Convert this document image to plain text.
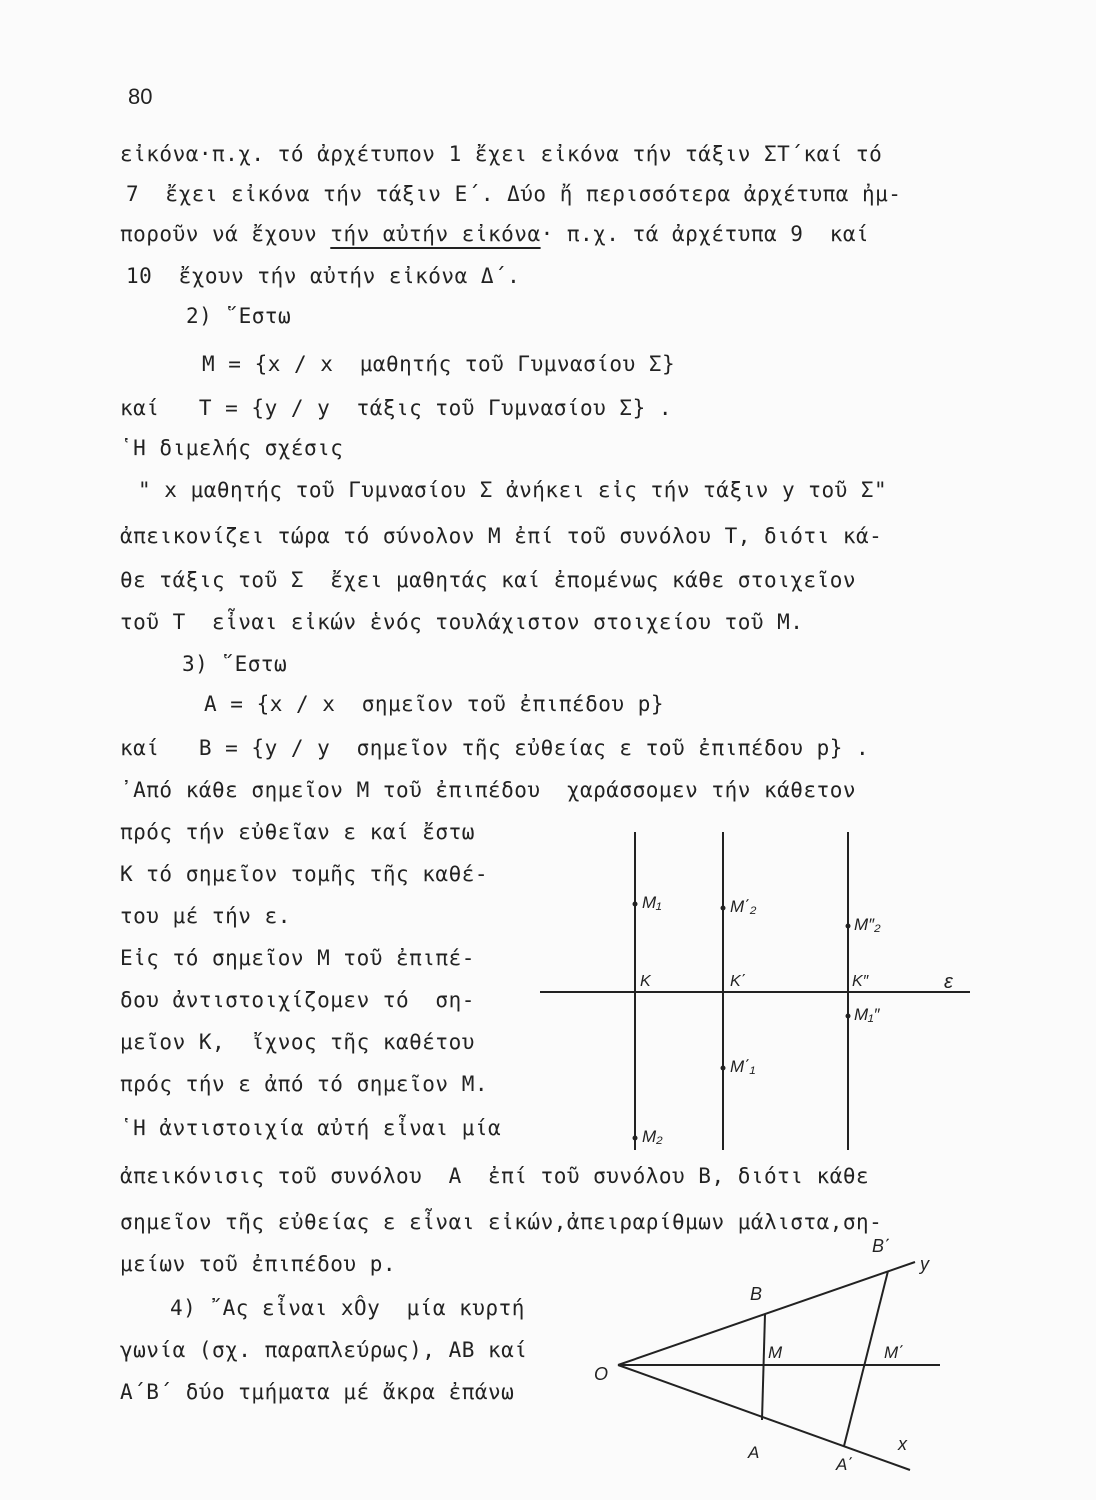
80
εἰκόνα·π.χ. τό ἀρχέτυπον 1 ἔχει εἰκόνα τήν τάξιν ΣΤ΄καί τό
7  ἔχει εἰκόνα τήν τάξιν Ε΄. Δύο ἤ περισσότερα ἀρχέτυπα ἠμ-
ποροῦν νά ἔχουν τήν αὐτήν εἰκόνα· π.χ. τά ἀρχέτυπα 9  καί
10  ἔχουν τήν αὐτήν εἰκόνα Δ΄.
2) ῞Εστω
M = {x / x  μαθητής τοῦ Γυμνασίου Σ}
καί   T = {y / y  τάξις τοῦ Γυμνασίου Σ} .
῾Η διμελής σχέσις
" x μαθητής τοῦ Γυμνασίου Σ ἀνήκει εἰς τήν τάξιν y τοῦ Σ"
ἀπεικονίζει τώρα τό σύνολον M ἐπί τοῦ συνόλου T, διότι κά-
θε τάξις τοῦ Σ  ἔχει μαθητάς καί ἐπομένως κάθε στοιχεῖον
τοῦ T  εἶναι εἰκών ἑνός τουλάχιστον στοιχείου τοῦ M.
3) ῞Εστω
A = {x / x  σημεῖον τοῦ ἐπιπέδου p}
καί   B = {y / y  σημεῖον τῆς εὐθείας ε τοῦ ἐπιπέδου p} .
᾽Από κάθε σημεῖον M τοῦ ἐπιπέδου  χαράσσομεν τήν κάθετον
πρός τήν εὐθεῖαν ε καί ἔστω
K τό σημεῖον τομῆς τῆς καθέ-
του μέ τήν ε.
Εἰς τό σημεῖον M τοῦ ἐπιπέ-
δου ἀντιστοιχίζομεν τό  ση-
μεῖον K,  ἴχνος τῆς καθέτου
πρός τήν ε ἀπό τό σημεῖον M.
῾Η ἀντιστοιχία αὐτή εἶναι μία
ἀπεικόνισις τοῦ συνόλου  A  ἐπί τοῦ συνόλου B, διότι κάθε
σημεῖον τῆς εὐθείας ε εἶναι εἰκών,ἀπειραρίθμων μάλιστα,ση-
μείων τοῦ ἐπιπέδου p.
4) ῎Ας εἶναι xÔy  μία κυρτή
γωνία (σχ. παραπλεύρως), AB καί
A΄B΄ δύο τμήματα μέ ἄκρα ἐπάνω
M₁	M΄₂
M″₂
K	K΄	K″	ε
M₁″
M΄₁
M₂
O
B
B΄
y
M	M΄
A
A΄
x
